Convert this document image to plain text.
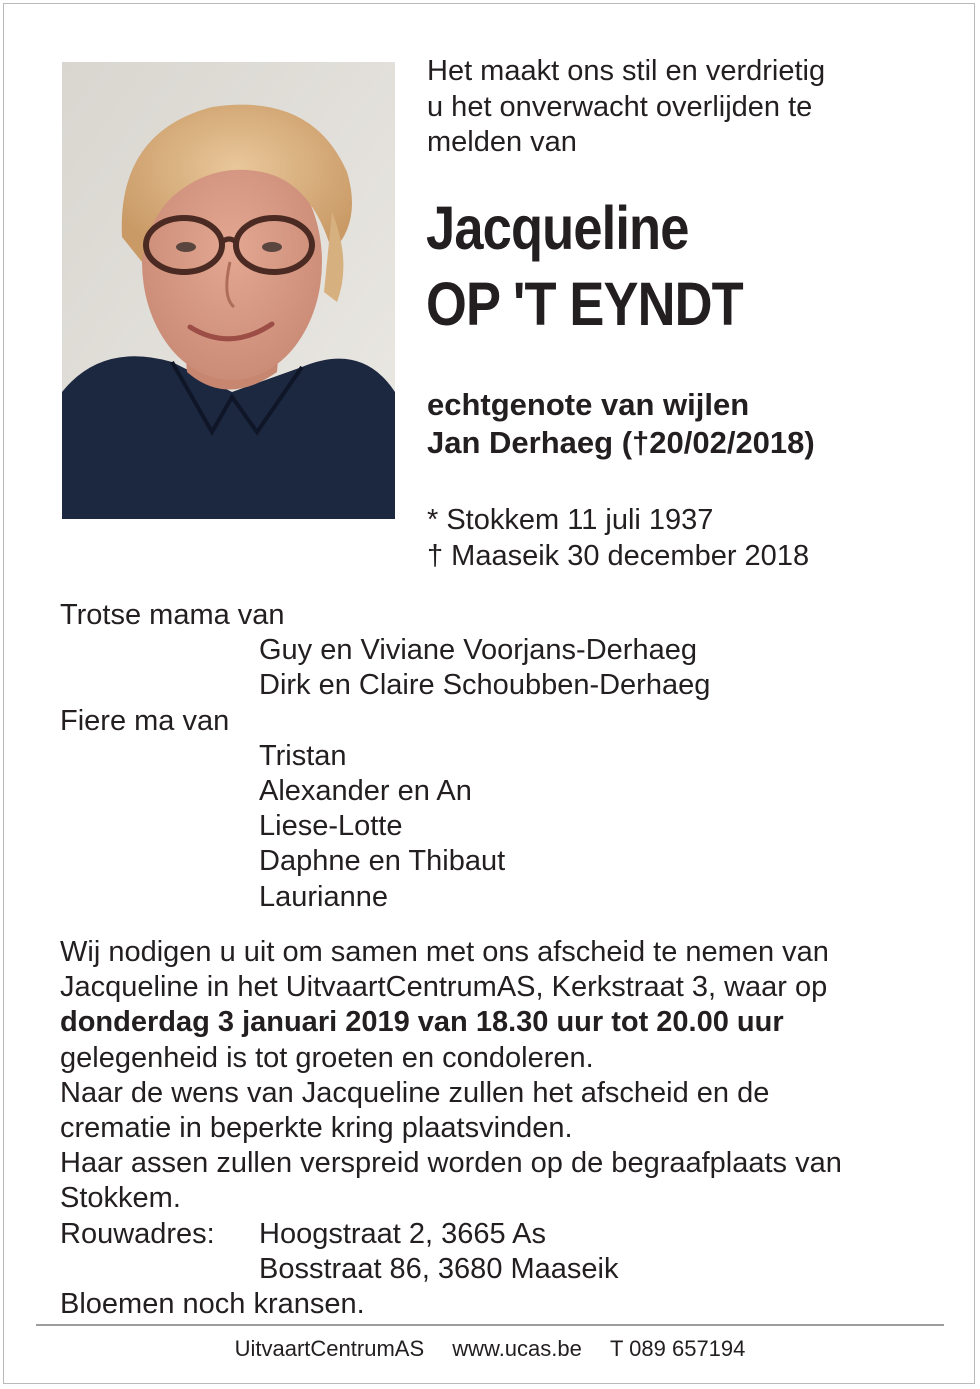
Het maakt ons stil en verdrietig
u het onverwacht overlijden te
melden van
Jacqueline
OP 'T EYNDT
echtgenote van wijlen
Jan Derhaeg (†20/02/2018)
* Stokkem 11 juli 1937
† Maaseik 30 december 2018
Trotse mama van
Guy en Viviane Voorjans-Derhaeg
Dirk en Claire Schoubben-Derhaeg
Fiere ma van
Tristan
Alexander en An
Liese-Lotte
Daphne en Thibaut
Laurianne
Wij nodigen u uit om samen met ons afscheid te nemen van
Jacqueline in het UitvaartCentrumAS, Kerkstraat 3, waar op
donderdag 3 januari 2019 van 18.30 uur tot 20.00 uur
gelegenheid is tot groeten en condoleren.
Naar de wens van Jacqueline zullen het afscheid en de
crematie in beperkte kring plaatsvinden.
Haar assen zullen verspreid worden op de begraafplaats van
Stokkem.
Rouwadres:	Hoogstraat 2, 3665 As
Bosstraat 86, 3680 Maaseik
Bloemen noch kransen.
UitvaartCentrumAS www.ucas.be T 089 657194
